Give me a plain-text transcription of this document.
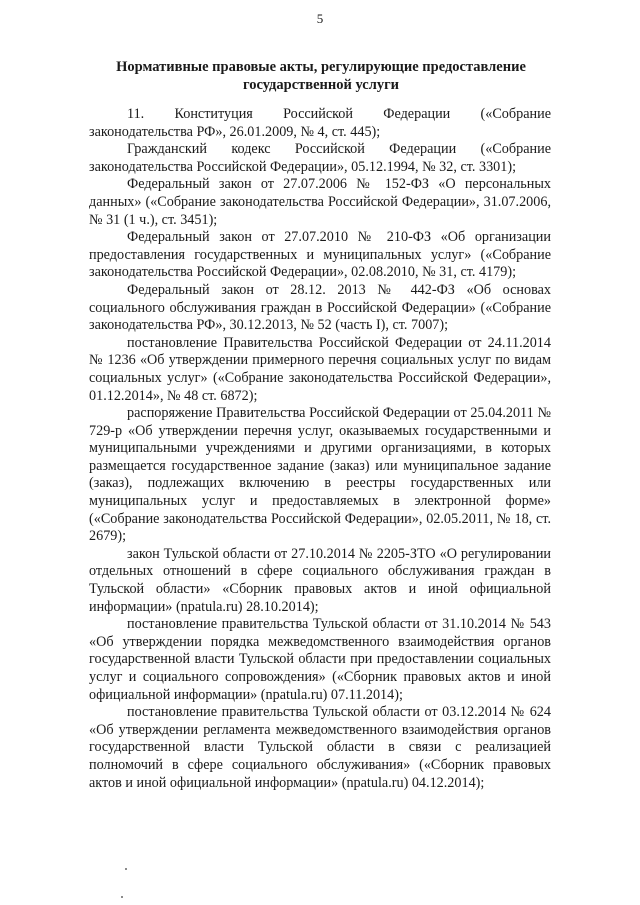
5
Нормативные правовые акты, регулирующие предоставление государственной услуги

11. Конституция Российской Федерации («Собрание законодательства РФ», 26.01.2009, № 4, ст. 445);

Гражданский кодекс Российской Федерации («Собрание законодательства Российской Федерации», 05.12.1994, № 32, ст. 3301);

Федеральный закон от 27.07.2006 № 152-ФЗ «О персональных данных» («Собрание законодательства Российской Федерации», 31.07.2006, № 31 (1 ч.), ст. 3451);

Федеральный закон от 27.07.2010 № 210-ФЗ «Об организации предоставления государственных и муниципальных услуг» («Собрание законодательства Российской Федерации», 02.08.2010, № 31, ст. 4179);

Федеральный закон от 28.12. 2013 № 442-ФЗ «Об основах социального обслуживания граждан в Российской Федерации» («Собрание законодательства РФ», 30.12.2013, № 52 (часть I), ст. 7007);

постановление Правительства Российской Федерации от 24.11.2014 № 1236 «Об утверждении примерного перечня социальных услуг по видам социальных услуг» («Собрание законодательства Российской Федерации», 01.12.2014», № 48 ст. 6872);

распоряжение Правительства Российской Федерации от 25.04.2011 № 729-р «Об утверждении перечня услуг, оказываемых государственными и муниципальными учреждениями и другими организациями, в которых размещается государственное задание (заказ) или муниципальное задание (заказ), подлежащих включению в реестры государственных или муниципальных услуг и предоставляемых в электронной форме» («Собрание законодательства Российской Федерации», 02.05.2011, № 18, ст. 2679);

закон Тульской области от 27.10.2014 № 2205-ЗТО «О регулировании отдельных отношений в сфере социального обслуживания граждан в Тульской области» «Сборник правовых актов и иной официальной информации» (npatula.ru) 28.10.2014);

постановление правительства Тульской области от 31.10.2014 № 543 «Об утверждении порядка межведомственного взаимодействия органов государственной власти Тульской области при предоставлении социальных услуг и социального сопровождения» («Сборник правовых актов и иной официальной информации» (npatula.ru) 07.11.2014);

постановление правительства Тульской области от 03.12.2014 № 624 «Об утверждении регламента межведомственного взаимодействия органов государственной власти Тульской области в связи с реализацией полномочий в сфере социального обслуживания» («Сборник правовых актов и иной официальной информации» (npatula.ru) 04.12.2014);
